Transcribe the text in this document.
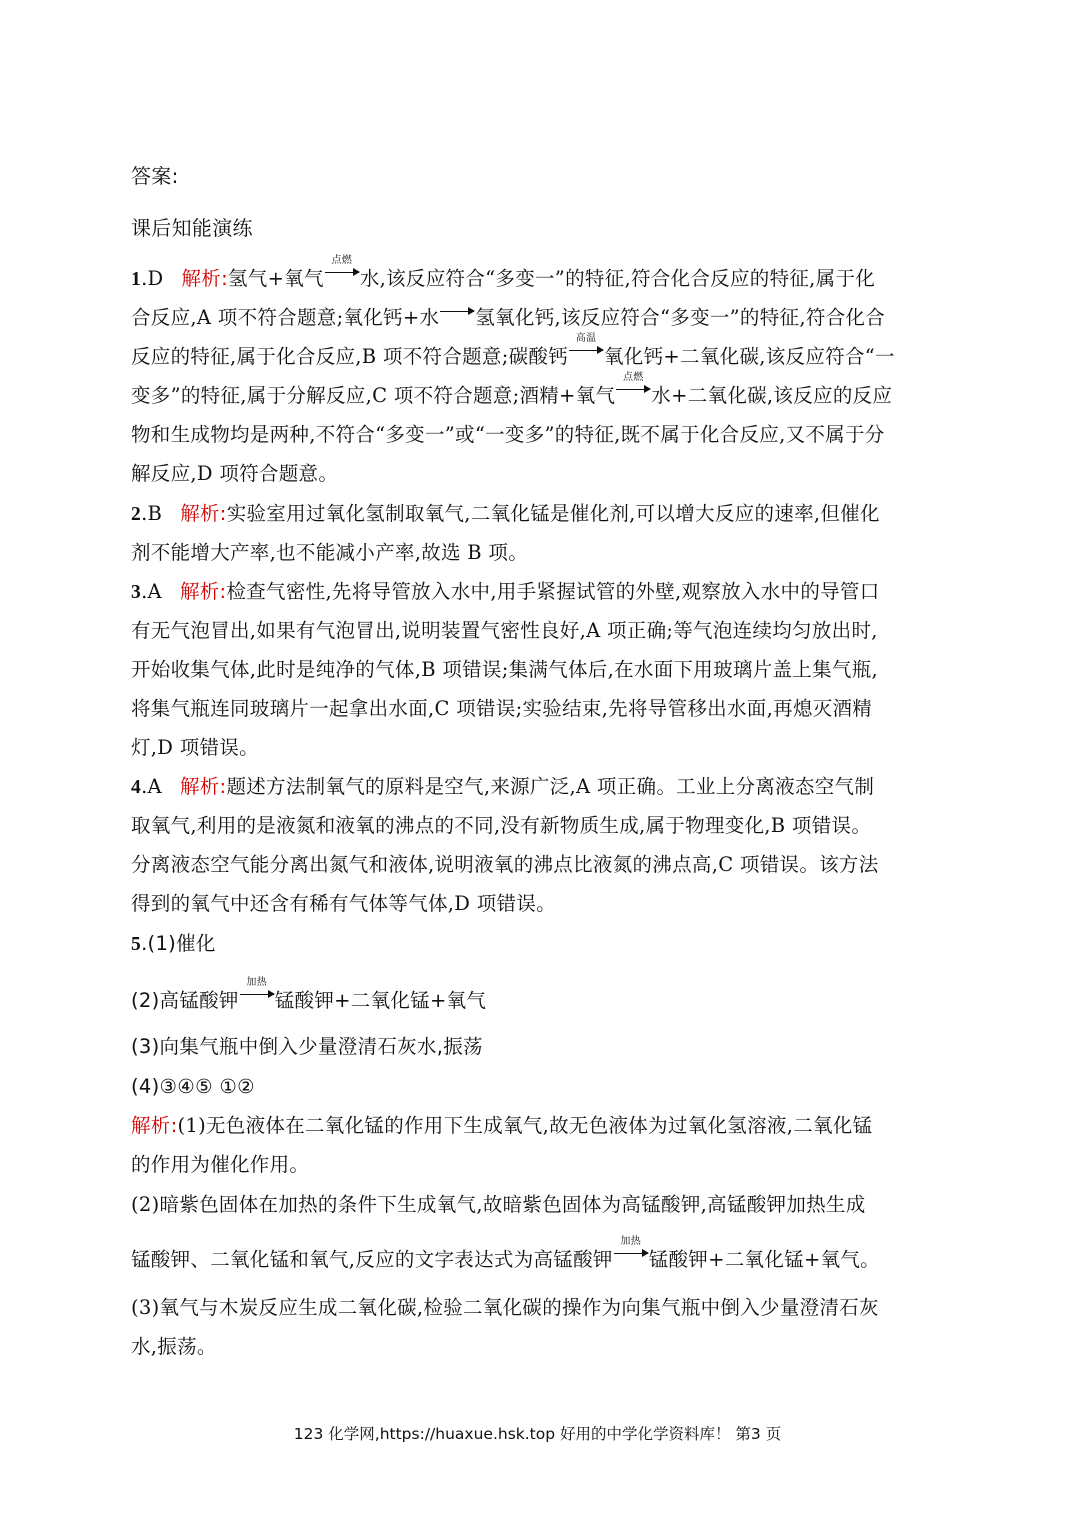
答案:
课后知能演练
1.D 解析:氢气+氧气
点燃
水,该反应符合“多变一”的特征,符合化合反应的特征,属于化
合反应,A 项不符合题意;氧化钙+水 氢氧化钙,该反应符合“多变一”的特征,符合化合
反应的特征,属于化合反应,B 项不符合题意;碳酸钙
高温
氧化钙+二氧化碳,该反应符合“一
变多”的特征,属于分解反应,C 项不符合题意;酒精+氧气
点燃
水+二氧化碳,该反应的反应
物和生成物均是两种,不符合“多变一”或“一变多”的特征,既不属于化合反应,又不属于分
解反应,D 项符合题意。
2.B 解析:实验室用过氧化氢制取氧气,二氧化锰是催化剂,可以增大反应的速率,但催化
剂不能增大产率,也不能减小产率,故选 B 项。
3.A 解析:检查气密性,先将导管放入水中,用手紧握试管的外壁,观察放入水中的导管口
有无气泡冒出,如果有气泡冒出,说明装置气密性良好,A 项正确;等气泡连续均匀放出时,
开始收集气体,此时是纯净的气体,B 项错误;集满气体后,在水面下用玻璃片盖上集气瓶,
将集气瓶连同玻璃片一起拿出水面,C 项错误;实验结束,先将导管移出水面,再熄灭酒精
灯,D 项错误。
4.A 解析:题述方法制氧气的原料是空气,来源广泛,A 项正确。工业上分离液态空气制
取氧气,利用的是液氮和液氧的沸点的不同,没有新物质生成,属于物理变化,B 项错误。
分离液态空气能分离出氮气和液体,说明液氧的沸点比液氮的沸点高,C 项错误。该方法
得到的氧气中还含有稀有气体等气体,D 项错误。
5.(1)催化
(2)高锰酸钾
加热
锰酸钾+二氧化锰+氧气
(3)向集气瓶中倒入少量澄清石灰水,振荡
(4)③④⑤ ①②
解析:(1)无色液体在二氧化锰的作用下生成氧气,故无色液体为过氧化氢溶液,二氧化锰
的作用为催化作用。
(2)暗紫色固体在加热的条件下生成氧气,故暗紫色固体为高锰酸钾,高锰酸钾加热生成
锰酸钾、二氧化锰和氧气,反应的文字表达式为高锰酸钾
加热
锰酸钾+二氧化锰+氧气。
(3)氧气与木炭反应生成二氧化碳,检验二氧化碳的操作为向集气瓶中倒入少量澄清石灰
水,振荡。
123 化学网,https://huaxue.hsk.top 好用的中学化学资料库！ 第3 页
